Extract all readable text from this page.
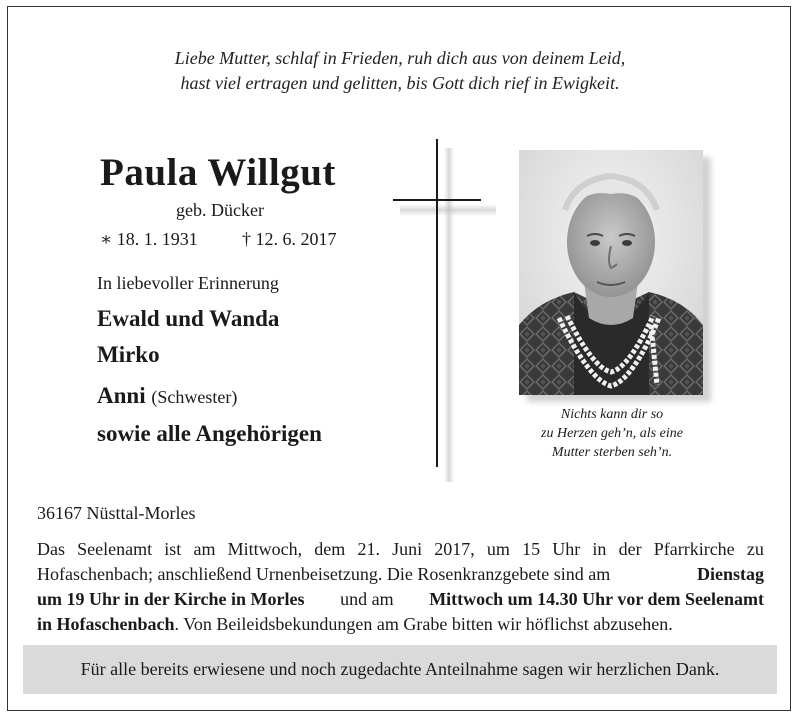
Liebe Mutter, schlaf in Frieden, ruh dich aus von deinem Leid,
hast viel ertragen und gelitten, bis Gott dich rief in Ewigkeit.
Paula Willgut
geb. Dücker
∗ 18. 1. 1931 † 12. 6. 2017
In liebevoller Erinnerung
Ewald und Wanda
Mirko
Anni (Schwester)
sowie alle Angehörigen
Nichts kann dir so
zu Herzen geh’n, als eine
Mutter sterben seh’n.
36167 Nüsttal-Morles
Das Seelenamt ist am Mittwoch, dem 21. Juni 2017, um 15 Uhr in der Pfarrkirche zu
Hofaschenbach; anschließend Urnenbeisetzung. Die Rosenkranzgebete sind am	Dienstag
um 19 Uhr in der Kirche in Morles und am Mittwoch um 14.30 Uhr vor dem Seelenamt
in Hofaschenbach . Von Beileidsbekundungen am Grabe bitten wir höflichst abzusehen.
Für alle bereits erwiesene und noch zugedachte Anteilnahme sagen wir herzlichen Dank.
